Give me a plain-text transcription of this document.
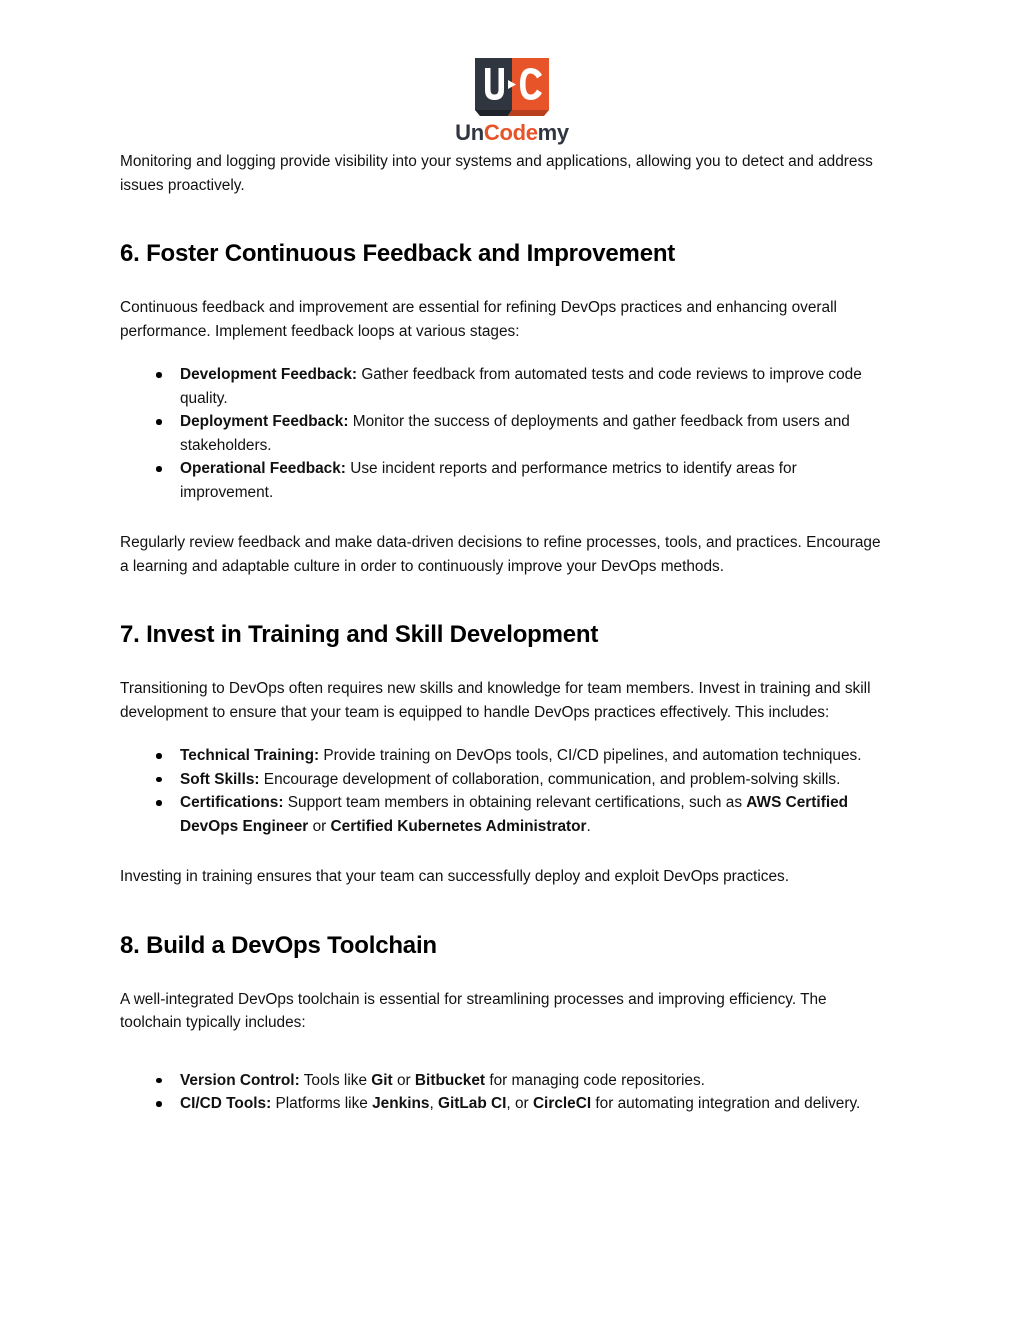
UnCodemy

Monitoring and logging provide visibility into your systems and applications, allowing you to detect and address issues proactively.

6. Foster Continuous Feedback and Improvement

Continuous feedback and improvement are essential for refining DevOps practices and enhancing overall performance. Implement feedback loops at various stages:

Development Feedback: Gather feedback from automated tests and code reviews to improve code quality.
Deployment Feedback: Monitor the success of deployments and gather feedback from users and stakeholders.
Operational Feedback: Use incident reports and performance metrics to identify areas for improvement.

Regularly review feedback and make data-driven decisions to refine processes, tools, and practices. Encourage a learning and adaptable culture in order to continuously improve your DevOps methods.

7. Invest in Training and Skill Development

Transitioning to DevOps often requires new skills and knowledge for team members. Invest in training and skill development to ensure that your team is equipped to handle DevOps practices effectively. This includes:

Technical Training: Provide training on DevOps tools, CI/CD pipelines, and automation techniques.
Soft Skills: Encourage development of collaboration, communication, and problem-solving skills.
Certifications: Support team members in obtaining relevant certifications, such as AWS Certified DevOps Engineer or Certified Kubernetes Administrator.

Investing in training ensures that your team can successfully deploy and exploit DevOps practices.

8. Build a DevOps Toolchain

A well-integrated DevOps toolchain is essential for streamlining processes and improving efficiency. The toolchain typically includes:

Version Control: Tools like Git or Bitbucket for managing code repositories.
CI/CD Tools: Platforms like Jenkins, GitLab CI, or CircleCI for automating integration and delivery.
